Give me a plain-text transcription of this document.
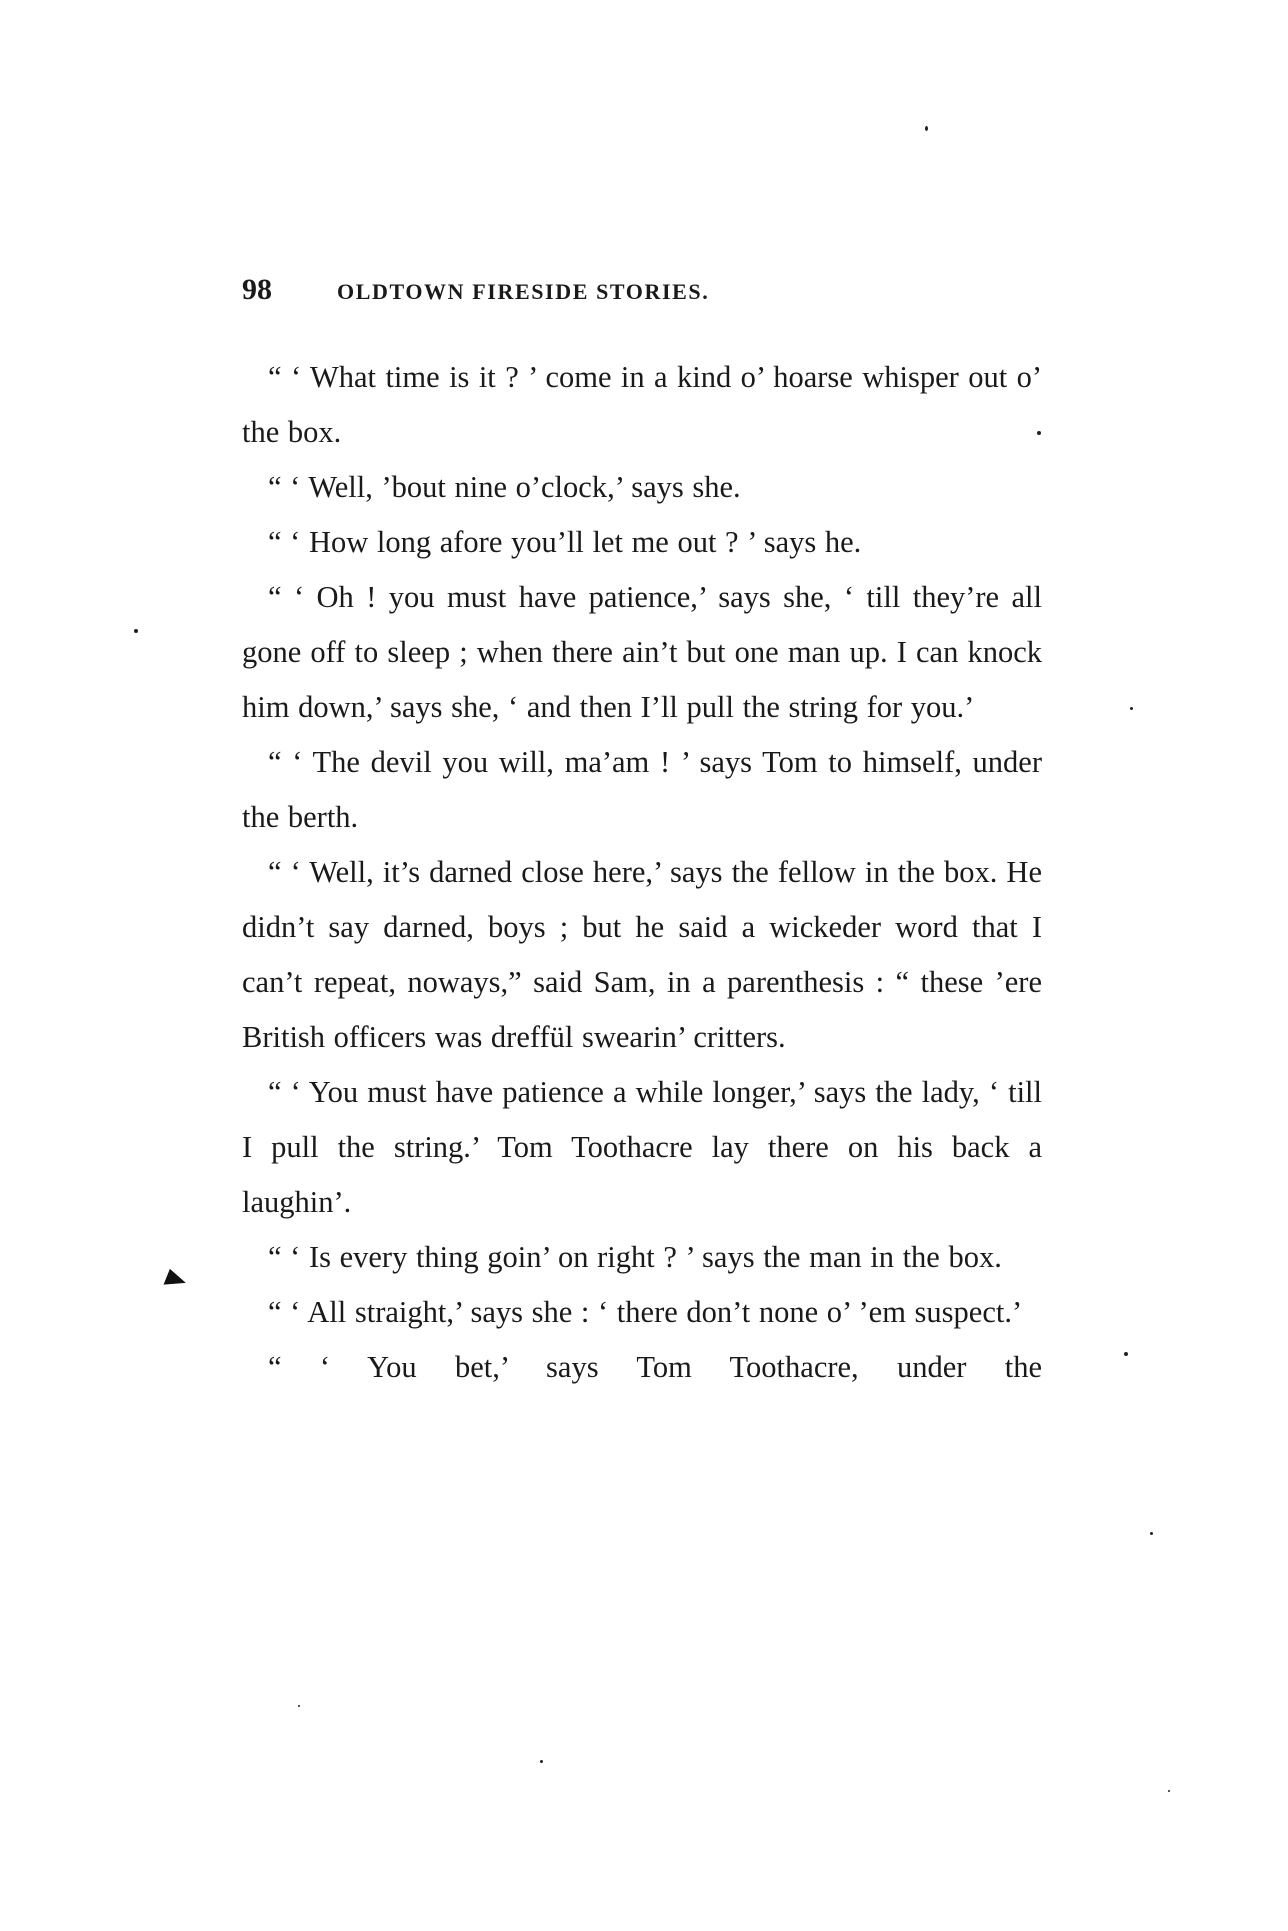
98	OLDTOWN FIRESIDE STORIES.

“ ‘ What time is it ? ’ come in a kind o’ hoarse whisper out o’ the box.

“ ‘ Well, ’bout nine o’clock,’ says she.

“ ‘ How long afore you’ll let me out ? ’ says he.

“ ‘ Oh ! you must have patience,’ says she, ‘ till they’re all gone off to sleep ; when there ain’t but one man up. I can knock him down,’ says she, ‘ and then I’ll pull the string for you.’

“ ‘ The devil you will, ma’am ! ’ says Tom to himself, under the berth.

“ ‘ Well, it’s darned close here,’ says the fellow in the box. He didn’t say darned, boys ; but he said a wickeder word that I can’t repeat, noways,” said Sam, in a parenthesis : “ these ’ere British officers was dreffül swearin’ critters.

“ ‘ You must have patience a while longer,’ says the lady, ‘ till I pull the string.’ Tom Toothacre lay there on his back a laughin’.

“ ‘ Is every thing goin’ on right ? ’ says the man in the box.

“ ‘ All straight,’ says she : ‘ there don’t none o’ ’em suspect.’

“ ‘ You bet,’ says Tom Toothacre, under the
